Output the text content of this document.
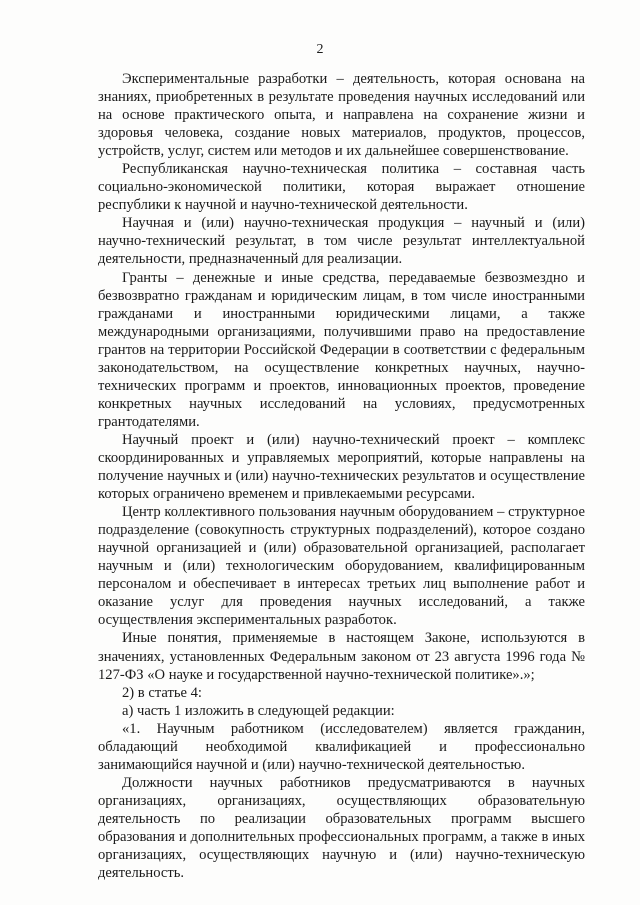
2

Экспериментальные разработки – деятельность, которая основана на знаниях, приобретенных в результате проведения научных исследований или на основе практического опыта, и направлена на сохранение жизни и здоровья человека, создание новых материалов, продуктов, процессов, устройств, услуг, систем или методов и их дальнейшее совершенствование.

Республиканская научно-техническая политика – составная часть социально-экономической политики, которая выражает отношение республики к научной и научно-технической деятельности.

Научная и (или) научно-техническая продукция – научный и (или) научно-технический результат, в том числе результат интеллектуальной деятельности, предназначенный для реализации.

Гранты – денежные и иные средства, передаваемые безвозмездно и безвозвратно гражданам и юридическим лицам, в том числе иностранными гражданами и иностранными юридическими лицами, а также международными организациями, получившими право на предоставление грантов на территории Российской Федерации в соответствии с федеральным законодательством, на осуществление конкретных научных, научно-технических программ и проектов, инновационных проектов, проведение конкретных научных исследований на условиях, предусмотренных грантодателями.

Научный проект и (или) научно-технический проект – комплекс скоординированных и управляемых мероприятий, которые направлены на получение научных и (или) научно-технических результатов и осуществление которых ограничено временем и привлекаемыми ресурсами.

Центр коллективного пользования научным оборудованием – структурное подразделение (совокупность структурных подразделений), которое создано научной организацией и (или) образовательной организацией, располагает научным и (или) технологическим оборудованием, квалифицированным персоналом и обеспечивает в интересах третьих лиц выполнение работ и оказание услуг для проведения научных исследований, а также осуществления экспериментальных разработок.

Иные понятия, применяемые в настоящем Законе, используются в значениях, установленных Федеральным законом от 23 августа 1996 года № 127-ФЗ «О науке и государственной научно-технической политике».»;

2) в статье 4:

а) часть 1 изложить в следующей редакции:

«1. Научным работником (исследователем) является гражданин, обладающий необходимой квалификацией и профессионально занимающийся научной и (или) научно-технической деятельностью.

Должности научных работников предусматриваются в научных организациях, организациях, осуществляющих образовательную деятельность по реализации образовательных программ высшего образования и дополнительных профессиональных программ, а также в иных организациях, осуществляющих научную и (или) научно-техническую деятельность.
